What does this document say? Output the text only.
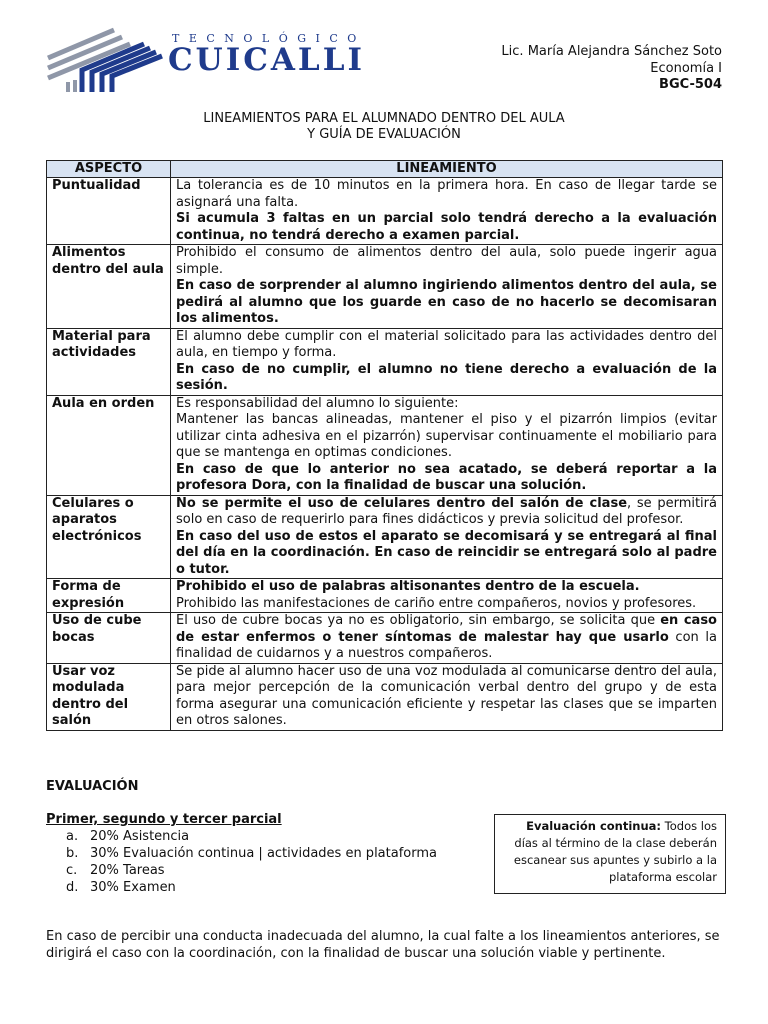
TECNOLÓGICO
CUICALLI	Lic. María Alejandra Sánchez Soto
Economía I
BGC-504
LINEAMIENTOS PARA EL ALUMNADO DENTRO DEL AULA
Y GUÍA DE EVALUACIÓN
ASPECTO	LINEAMIENTO
Puntualidad	La tolerancia es de 10 minutos en la primera hora. En caso de llegar tarde se asignará una falta.
Si acumula 3 faltas en un parcial solo tendrá derecho a la evaluación continua, no tendrá derecho a examen parcial.

Alimentos dentro del aula	Prohibido el consumo de alimentos dentro del aula, solo puede ingerir agua simple.
En caso de sorprender al alumno ingiriendo alimentos dentro del aula, se pedirá al alumno que los guarde en caso de no hacerlo se decomisaran los alimentos.

Material para actividades	El alumno debe cumplir con el material solicitado para las actividades dentro del aula, en tiempo y forma.
En caso de no cumplir, el alumno no tiene derecho a evaluación de la sesión.

Aula en orden	Es responsabilidad del alumno lo siguiente:
Mantener las bancas alineadas, mantener el piso y el pizarrón limpios (evitar utilizar cinta adhesiva en el pizarrón) supervisar continuamente el mobiliario para que se mantenga en optimas condiciones.
En caso de que lo anterior no sea acatado, se deberá reportar a la profesora Dora, con la finalidad de buscar una solución.

Celulares o aparatos electrónicos	No se permite el uso de celulares dentro del salón de clase, se permitirá solo en caso de requerirlo para fines didácticos y previa solicitud del profesor.
En caso del uso de estos el aparato se decomisará y se entregará al final del día en la coordinación. En caso de reincidir se entregará solo al padre o tutor.

Forma de expresión	Prohibido el uso de palabras altisonantes dentro de la escuela.
Prohibido las manifestaciones de cariño entre compañeros, novios y profesores.

Uso de cube bocas	El uso de cubre bocas ya no es obligatorio, sin embargo, se solicita que en caso de estar enfermos o tener síntomas de malestar hay que usarlo con la finalidad de cuidarnos y a nuestros compañeros.

Usar voz modulada dentro del salón	Se pide al alumno hacer uso de una voz modulada al comunicarse dentro del aula, para mejor percepción de la comunicación verbal dentro del grupo y de esta forma asegurar una comunicación eficiente y respetar las clases que se imparten en otros salones.
EVALUACIÓN
Primer, segundo y tercer parcial
a. 20% Asistencia
b. 30% Evaluación continua | actividades en plataforma
c. 20% Tareas
d. 30% Examen
Evaluación continua: Todos los días al término de la clase deberán escanear sus apuntes y subirlo a la plataforma escolar
En caso de percibir una conducta inadecuada del alumno, la cual falte a los lineamientos anteriores, se dirigirá el caso con la coordinación, con la finalidad de buscar una solución viable y pertinente.
